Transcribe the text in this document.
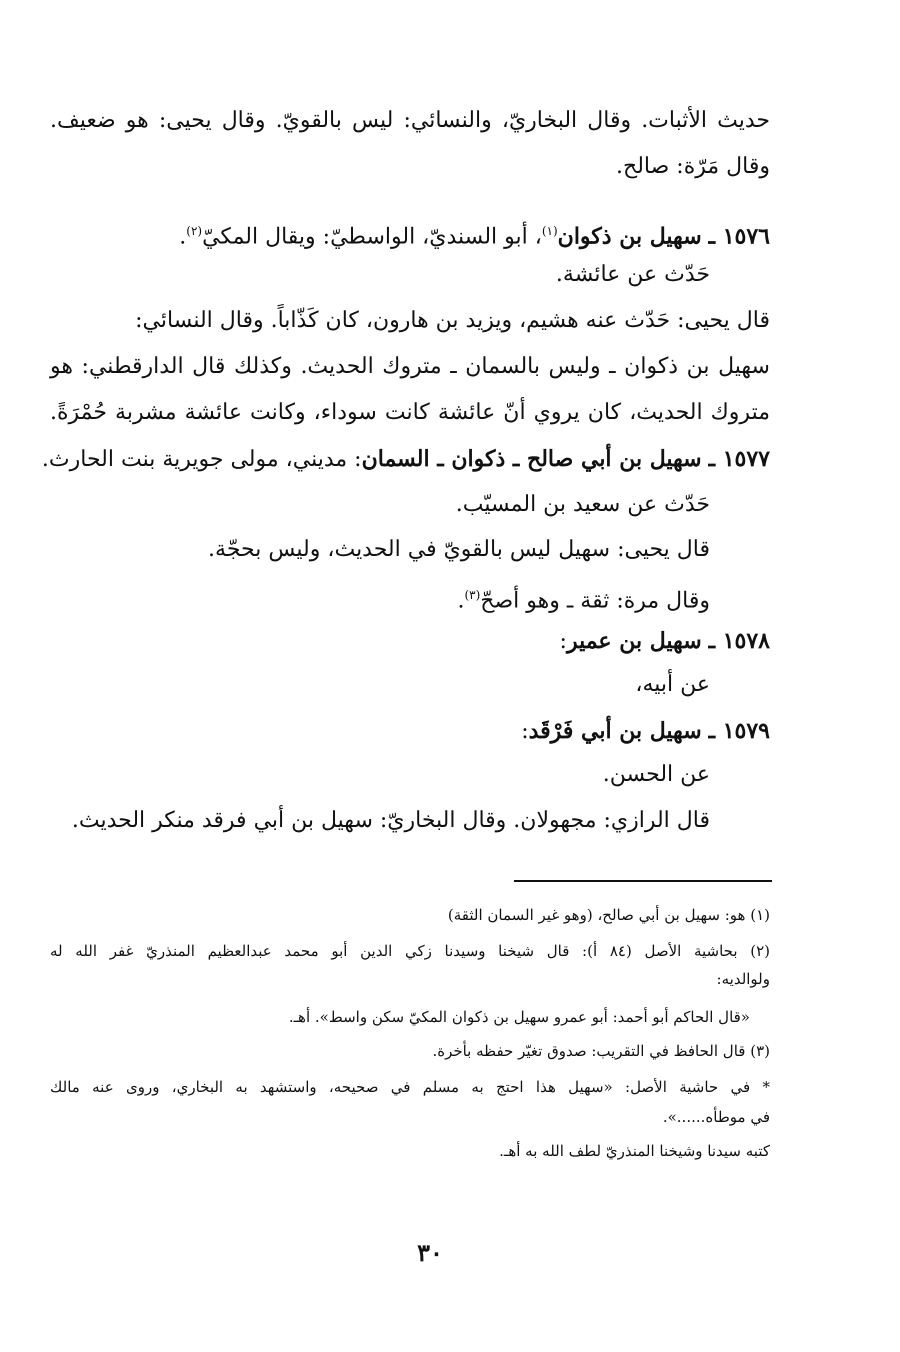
حديث الأثبات. وقال البخاريّ، والنسائي: ليس بالقويّ. وقال يحيى: هو ضعيف.
وقال مَرّة: صالح.
١٥٧٦ ـ سهيل بن ذكوان$^{(١)}$، أبو السنديّ، الواسطيّ: ويقال المكيّ$^{(٢)}$.
حَدّث عن عائشة.
قال يحيى: حَدّث عنه هشيم، ويزيد بن هارون، كان كَذّاباً. وقال النسائي:
سهيل بن ذكوان ـ وليس بالسمان ـ متروك الحديث. وكذلك قال الدارقطني: هو
متروك الحديث، كان يروي أنّ عائشة كانت سوداء، وكانت عائشة مشربة حُمْرَةً.
١٥٧٧ ـ سهيل بن أبي صالح ـ ذكوان ـ السمان: مديني، مولى جويرية بنت الحارث.
حَدّث عن سعيد بن المسيّب.
قال يحيى: سهيل ليس بالقويّ في الحديث، وليس بحجّة.
وقال مرة: ثقة ـ وهو أصحّ$^{(٣)}$.
١٥٧٨ ـ سهيل بن عمير:
عن أبيه،
١٥٧٩ ـ سهيل بن أبي فَرْقَد:
عن الحسن.
قال الرازي: مجهولان. وقال البخاريّ: سهيل بن أبي فرقد منكر الحديث.
(١) هو: سهيل بن أبي صالح، (وهو غير السمان الثقة)
(٢) بحاشية الأصل (٨٤ أ): قال شيخنا وسيدنا زكي الدين أبو محمد عبدالعظيم المنذريّ غفر الله له
ولوالديه:
«قال الحاكم أبو أحمد: أبو عمرو سهيل بن ذكوان المكيّ سكن واسط». أهـ.
(٣) قال الحافظ في التقريب: صدوق تغيّر حفظه بأخرة.
* في حاشية الأصل: «سهيل هذا احتج به مسلم في صحيحه، واستشهد به البخاري، وروى عنه مالك
في موطأه......».
كتبه سيدنا وشيخنا المنذريّ لطف الله به أهـ.
٣٠
